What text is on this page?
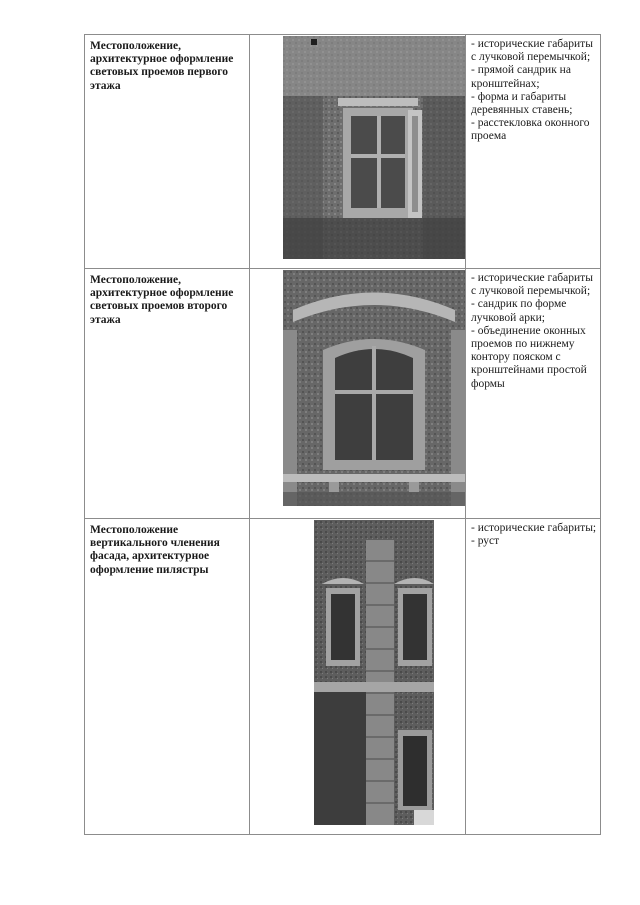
Местоположение, архитектурное оформление световых проемов первого этажа		- исторические габариты с лучковой перемычкой;
- прямой сандрик на кронштейнах;
- форма и габариты деревянных ставень;
- расстекловка оконного проема

Местоположение, архитектурное оформление световых проемов второго этажа		- исторические габариты с лучковой перемычкой;
- сандрик по форме лучковой арки;
- объединение оконных проемов по нижнему контору пояском с кронштейнами простой формы

Местоположение вертикального членения фасада, архитектурное оформление пилястры		- исторические габариты;
- руст
